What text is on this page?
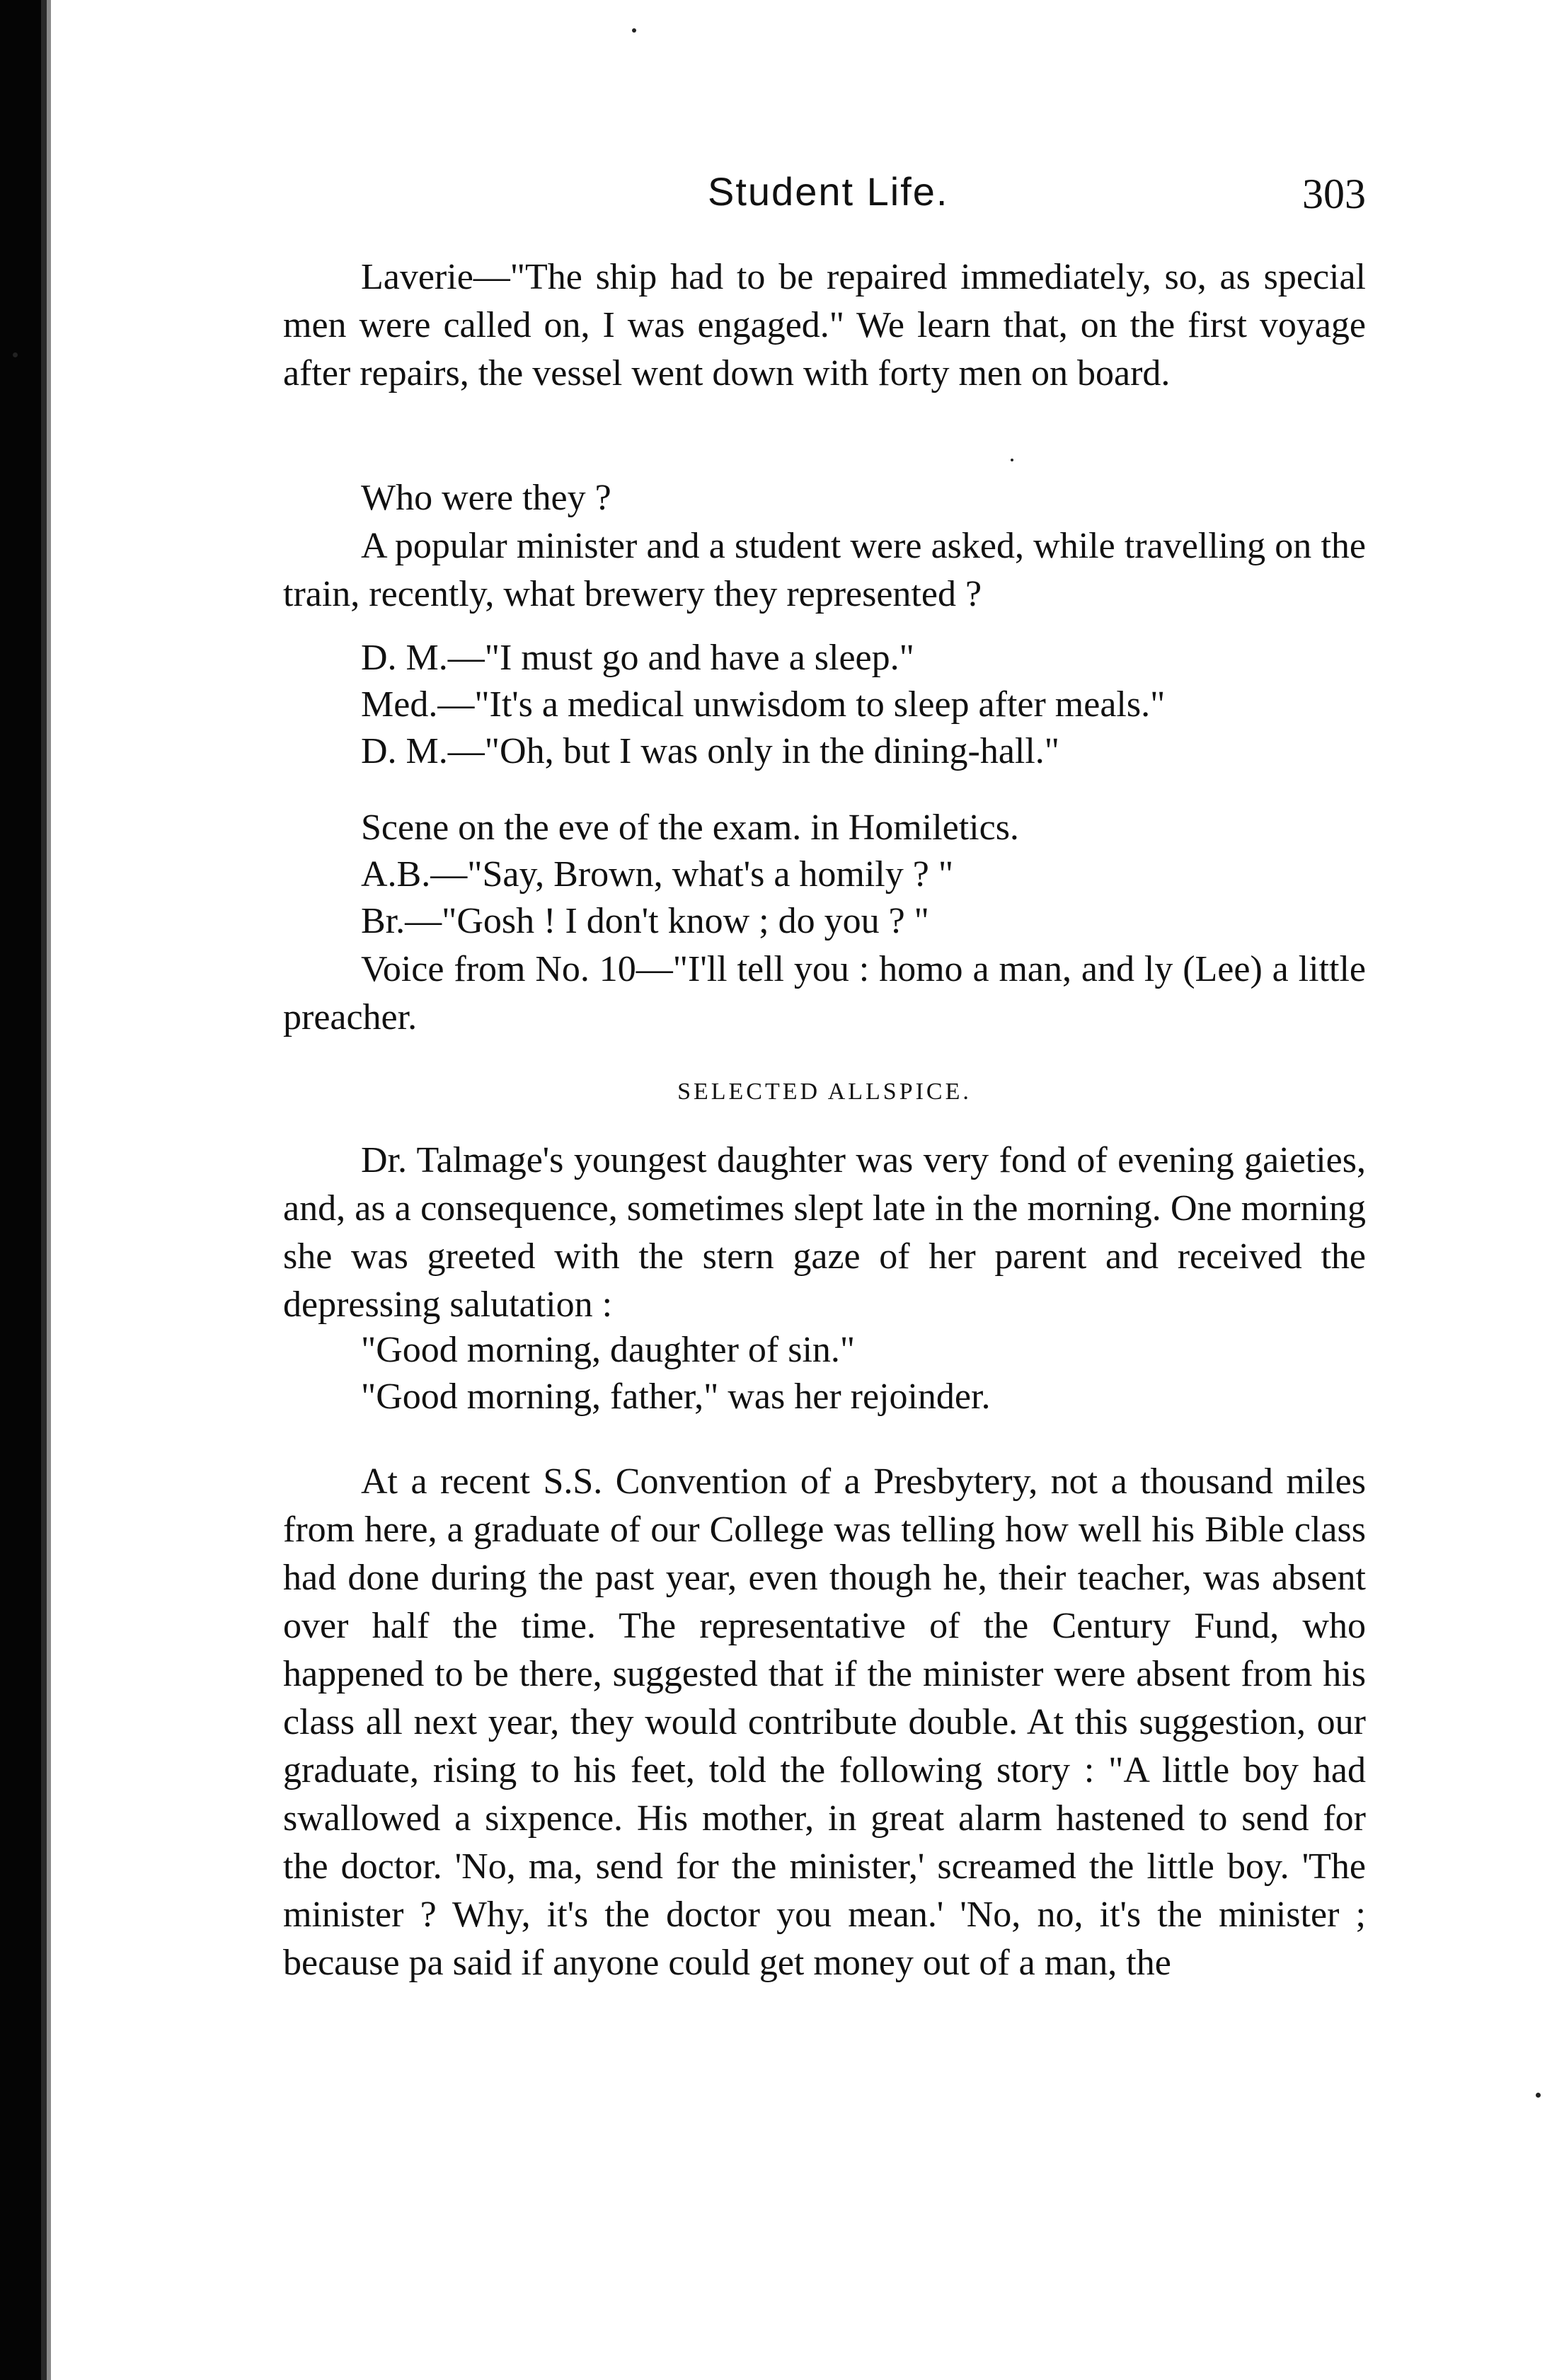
Student Life.	303

Laverie—"The ship had to be repaired immediately, so, as special men were called on, I was engaged." We learn that, on the first voyage after repairs, the vessel went down with forty men on board.

Who were they ?

A popular minister and a student were asked, while travelling on the train, recently, what brewery they represented ?

D. M.—"I must go and have a sleep."
Med.—"It's a medical unwisdom to sleep after meals."
D. M.—"Oh, but I was only in the dining-hall."
Scene on the eve of the exam. in Homiletics.
A.B.—"Say, Brown, what's a homily ? "
Br.—"Gosh ! I don't know ; do you ? "

Voice from No. 10—"I'll tell you : homo a man, and ly (Lee) a little preacher.

SELECTED ALLSPICE.

Dr. Talmage's youngest daughter was very fond of evening gaieties, and, as a consequence, sometimes slept late in the morning. One morning she was greeted with the stern gaze of her parent and received the depressing salutation :

"Good morning, daughter of sin."
"Good morning, father," was her rejoinder.

At a recent S.S. Convention of a Presbytery, not a thousand miles from here, a graduate of our College was telling how well his Bible class had done during the past year, even though he, their teacher, was absent over half the time. The representative of the Century Fund, who happened to be there, suggested that if the minister were absent from his class all next year, they would contribute double. At this suggestion, our graduate, rising to his feet, told the following story : "A little boy had swallowed a sixpence. His mother, in great alarm hastened to send for the doctor. 'No, ma, send for the minister,' screamed the little boy. 'The minister ? Why, it's the doctor you mean.' 'No, no, it's the minister ; because pa said if anyone could get money out of a man, the
